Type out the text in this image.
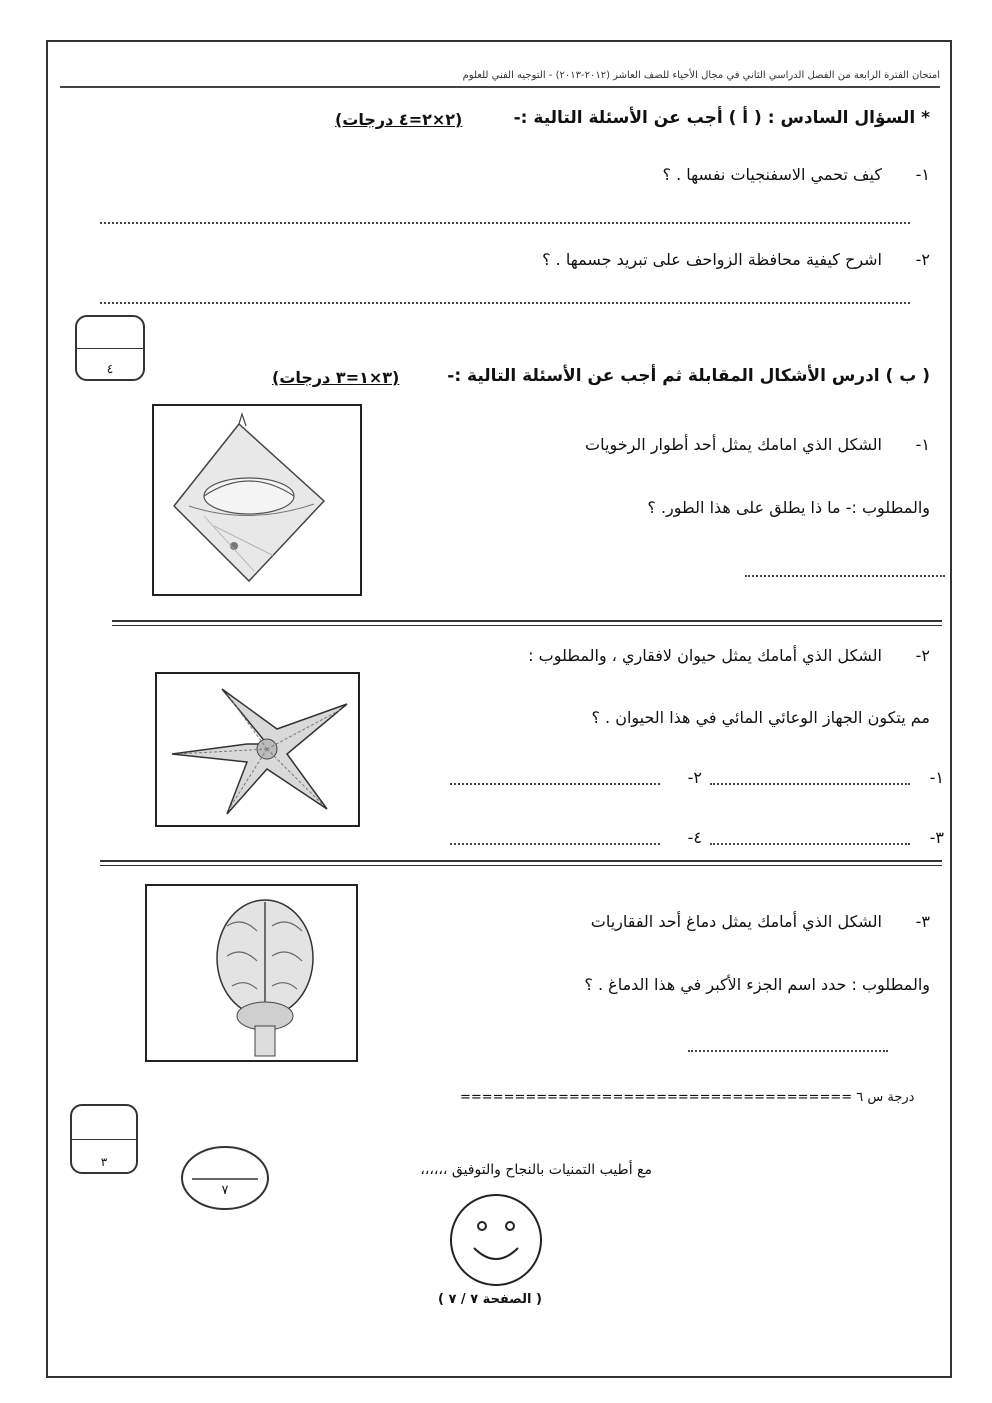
امتحان الفترة الرابعة من الفصل الدراسي الثاني في مجال الأحياء للصف العاشر (٢٠١٢-٢٠١٣) - التوجيه الفني للعلوم
* السؤال السادس : ( أ ) أجب عن الأسئلة التالية :-
(٢×٢=٤ درجات)
١-
كيف تحمي الاسفنجيات نفسها . ؟
٢-
اشرح كيفية محافظة الزواحف على تبريد جسمها . ؟
٤	( ب ) ادرس الأشكال المقابلة ثم أجب عن الأسئلة التالية :-
(٣×١=٣ درجات)
١-
الشكل الذي امامك يمثل أحد أطوار الرخويات
والمطلوب :- ما ذا يطلق على هذا الطور. ؟
٢-
الشكل الذي أمامك يمثل حيوان لافقاري ، والمطلوب :
مم يتكون الجهاز الوعائي المائي في هذا الحيوان . ؟
١-
٢-
٣-
٤-
٣-
الشكل الذي أمامك يمثل دماغ أحد الفقاريات
والمطلوب : حدد اسم الجزء الأكبر في هذا الدماغ . ؟
درجة س ٦ ====================================
٣
٧
مع أطيب التمنيات بالنجاح والتوفيق ،،،،،،
( الصفحة ٧ / ٧ )
